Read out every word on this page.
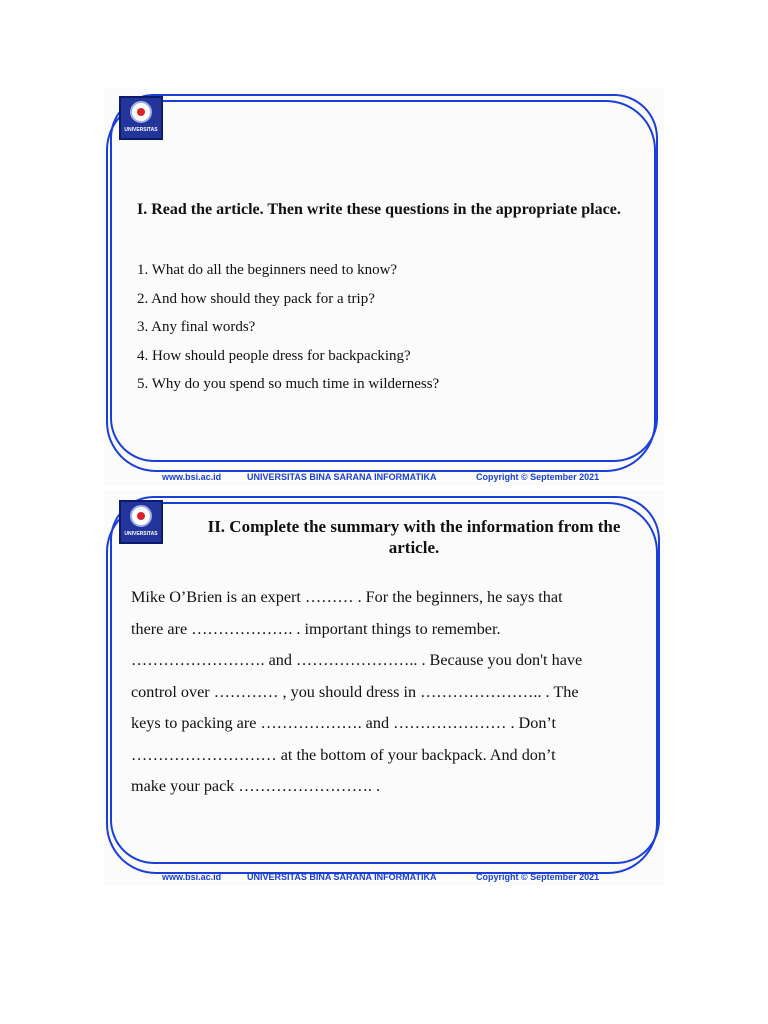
UNIVERSITAS
I. Read the article. Then write these questions in the appropriate place.
1. What do all the beginners need to know?
2. And how should they pack for a trip?
3. Any final words?
4. How should people dress for backpacking?
5. Why do you spend so much time in wilderness?
www.bsi.ac.id	UNIVERSITAS BINA SARANA INFORMATIKA	Copyright © September 2021
UNIVERSITAS	II. Complete the summary with the information from the article.
Mike O’Brien is an expert ……… . For the beginners, he says that
there are ………………. . important things to remember.
……………………. and ………………….. . Because you don't have
control over ………… , you should dress in ………………….. . The
keys to packing are ………………. and ………………… . Don’t
……………………… at the bottom of your backpack. And don’t
make your pack ……………………. .
www.bsi.ac.id	UNIVERSITAS BINA SARANA INFORMATIKA	Copyright © September 2021
